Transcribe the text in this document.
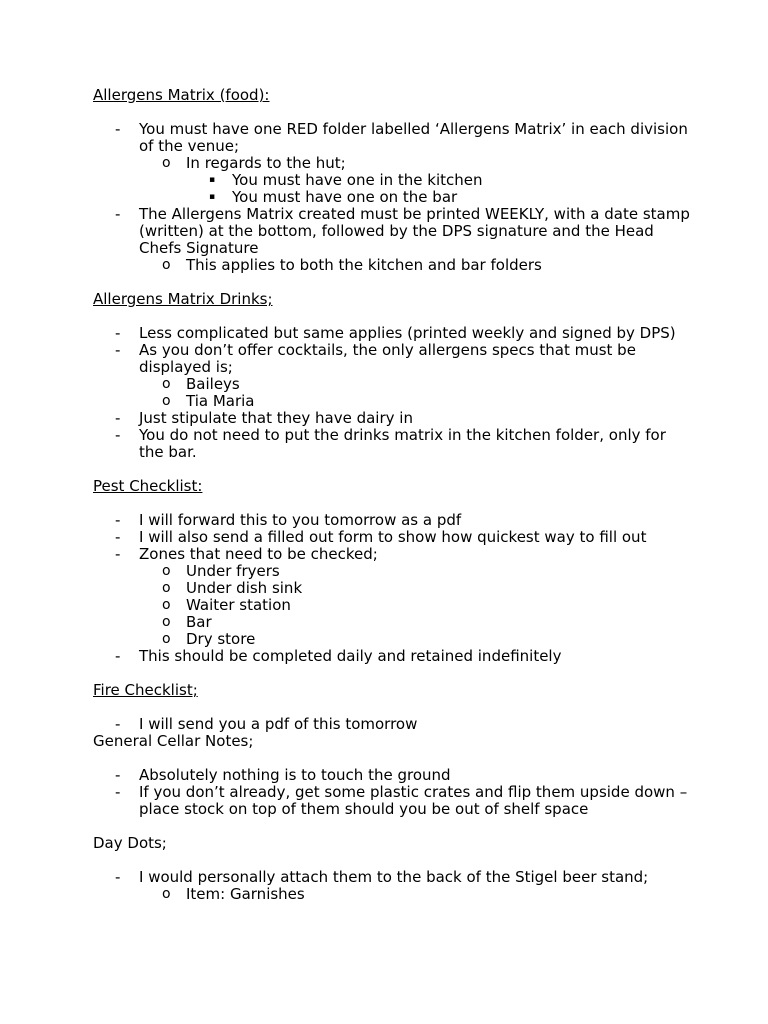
Allergens Matrix (food):
- You must have one RED folder labelled ‘Allergens Matrix’ in each division of the venue;
o In regards to the hut;
▪ You must have one in the kitchen
▪ You must have one on the bar
- The Allergens Matrix created must be printed WEEKLY, with a date stamp (written) at the bottom, followed by the DPS signature and the Head Chefs Signature
o This applies to both the kitchen and bar folders
Allergens Matrix Drinks;
- Less complicated but same applies (printed weekly and signed by DPS)
- As you don’t offer cocktails, the only allergens specs that must be displayed is;
o Baileys
o Tia Maria
- Just stipulate that they have dairy in
- You do not need to put the drinks matrix in the kitchen folder, only for the bar.
Pest Checklist:
- I will forward this to you tomorrow as a pdf
- I will also send a filled out form to show how quickest way to fill out
- Zones that need to be checked;
o Under fryers
o Under dish sink
o Waiter station
o Bar
o Dry store
- This should be completed daily and retained indefinitely
Fire Checklist;
- I will send you a pdf of this tomorrow
General Cellar Notes;
- Absolutely nothing is to touch the ground
- If you don’t already, get some plastic crates and flip them upside down – place stock on top of them should you be out of shelf space
Day Dots;
- I would personally attach them to the back of the Stigel beer stand;
o Item: Garnishes
